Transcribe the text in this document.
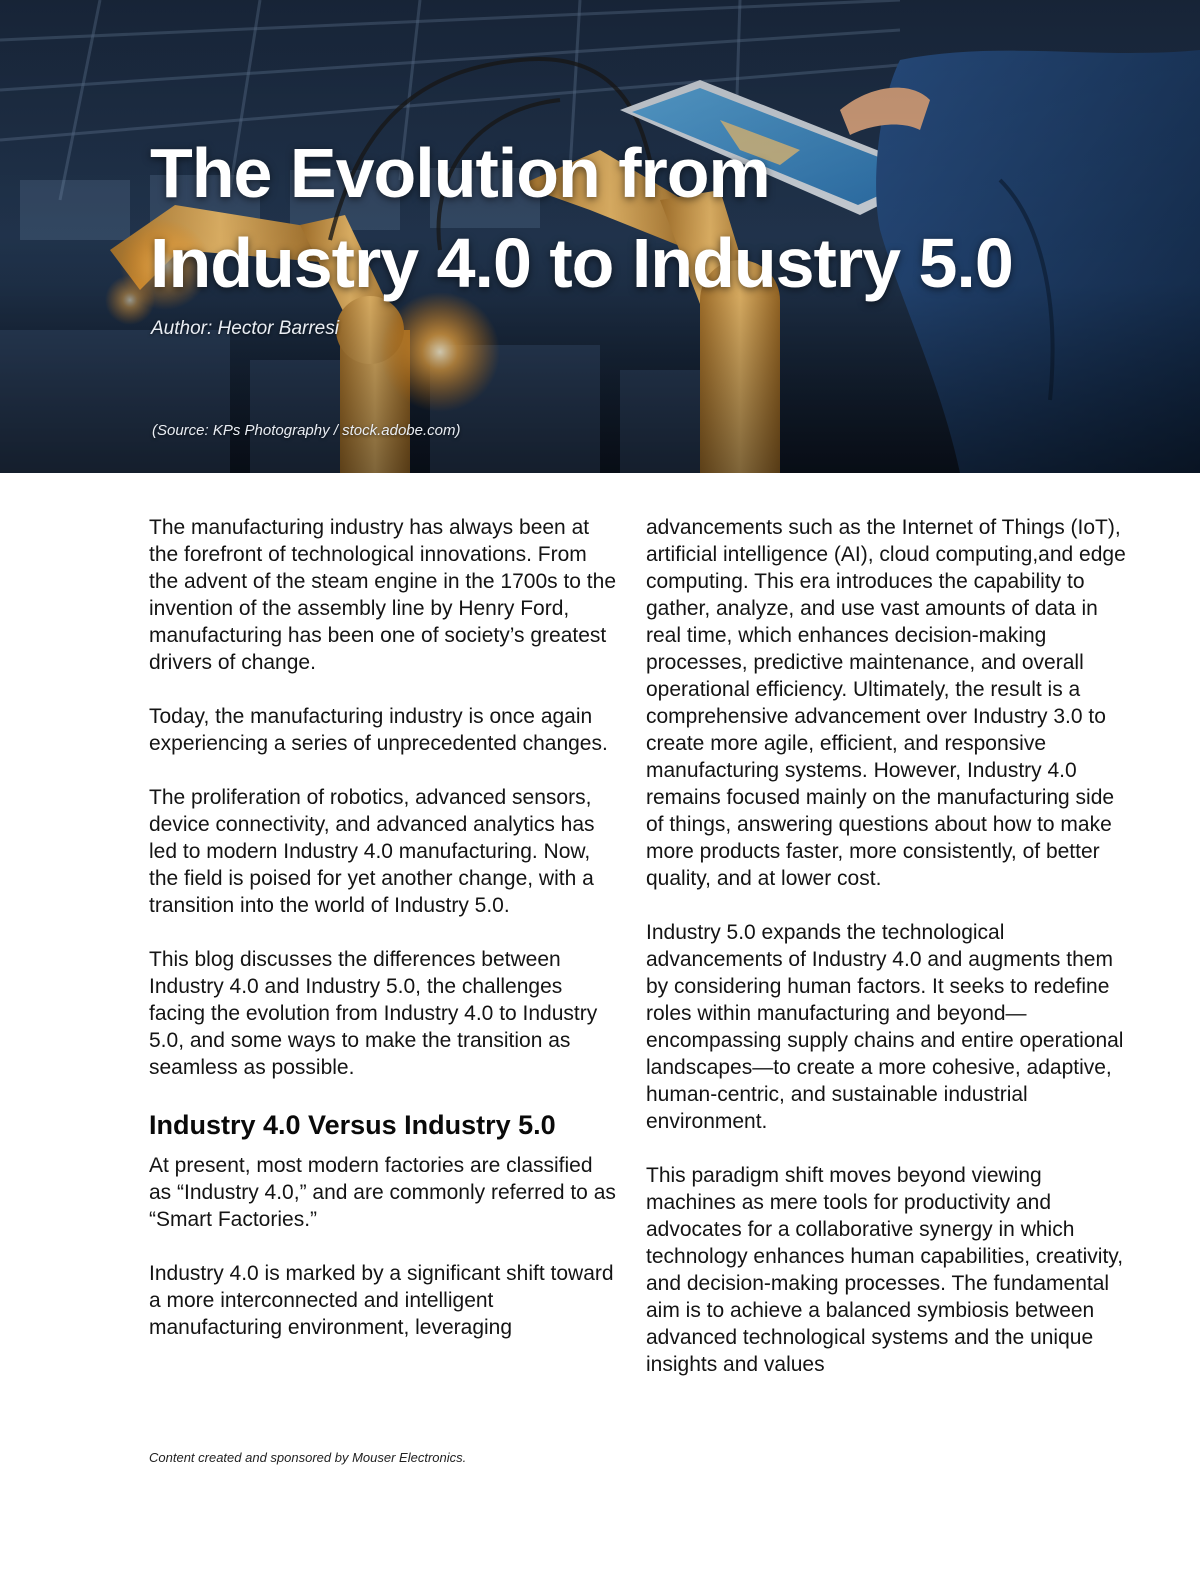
The Evolution from
Industry 4.0 to Industry 5.0
Author: Hector Barresi
(Source: KPs Photography / stock.adobe.com)

The manufacturing industry has always been at the forefront of technological innovations. From the advent of the steam engine in the 1700s to the invention of the assembly line by Henry Ford, manufacturing has been one of society’s greatest drivers of change.

Today, the manufacturing industry is once again experiencing a series of unprecedented changes.

The proliferation of robotics, advanced sensors, device connectivity, and advanced analytics has led to modern Industry 4.0 manufacturing. Now, the field is poised for yet another change, with a transition into the world of Industry 5.0.

This blog discusses the differences between Industry 4.0 and Industry 5.0, the challenges facing the evolution from Industry 4.0 to Industry 5.0, and some ways to make the transition as seamless as possible.

Industry 4.0 Versus Industry 5.0

At present, most modern factories are classified as “Industry 4.0,” and are commonly referred to as “Smart Factories.”

Industry 4.0 is marked by a significant shift toward a more interconnected and intelligent manufacturing environment, leveraging

advancements such as the Internet of Things (IoT), artificial intelligence (AI), cloud computing,and edge computing. This era introduces the capability to gather, analyze, and use vast amounts of data in real time, which enhances decision-making processes, predictive maintenance, and overall operational efficiency. Ultimately, the result is a comprehensive advancement over Industry 3.0 to create more agile, efficient, and responsive manufacturing systems. However, Industry 4.0 remains focused mainly on the manufacturing side of things, answering questions about how to make more products faster, more consistently, of better quality, and at lower cost.

Industry 5.0 expands the technological advancements of Industry 4.0 and augments them by considering human factors. It seeks to redefine roles within manufacturing and beyond—encompassing supply chains and entire operational landscapes—to create a more cohesive, adaptive, human-centric, and sustainable industrial environment.

This paradigm shift moves beyond viewing machines as mere tools for productivity and advocates for a collaborative synergy in which technology enhances human capabilities, creativity, and decision-making processes. The fundamental aim is to achieve a balanced symbiosis between advanced technological systems and the unique insights and values

Content created and sponsored by Mouser Electronics.
